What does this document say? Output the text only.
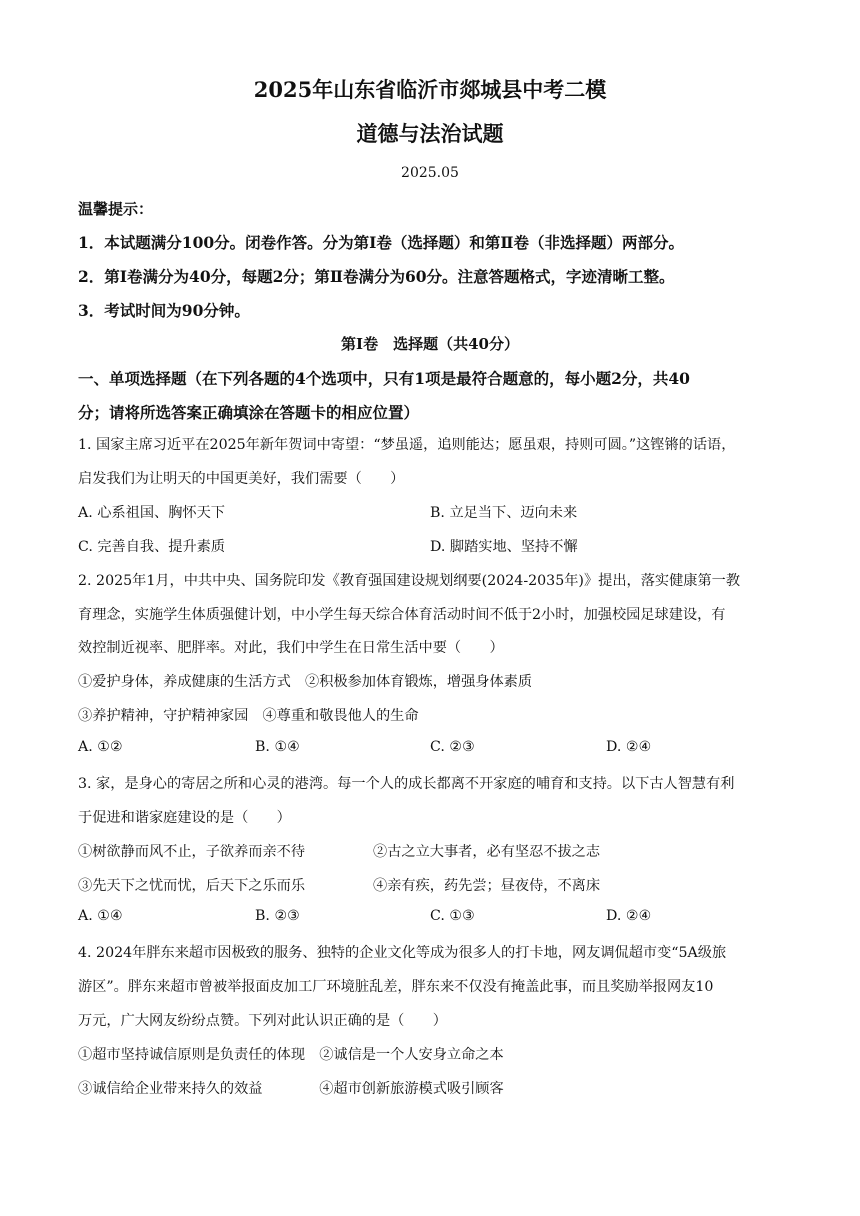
2025年山东省临沂市郯城县中考二模
道德与法治试题
2025.05
温馨提示：
1．本试题满分100分。闭卷作答。分为第Ⅰ卷（选择题）和第Ⅱ卷（非选择题）两部分。
2．第Ⅰ卷满分为40分，每题2分；第Ⅱ卷满分为60分。注意答题格式，字迹清晰工整。
3．考试时间为90分钟。
第Ⅰ卷　选择题（共40分）
一、单项选择题（在下列各题的4个选项中，只有1项是最符合题意的，每小题2分，共40
分；请将所选答案正确填涂在答题卡的相应位置）
1. 国家主席习近平在2025年新年贺词中寄望：“梦虽遥，追则能达；愿虽艰，持则可圆。”这铿锵的话语，
启发我们为让明天的中国更美好，我们需要（　　）
A. 心系祖国、胸怀天下	B. 立足当下、迈向未来
C. 完善自我、提升素质	D. 脚踏实地、坚持不懈
2. 2025年1月，中共中央、国务院印发《教育强国建设规划纲要(2024-2035年)》提出，落实健康第一教
育理念，实施学生体质强健计划，中小学生每天综合体育活动时间不低于2小时，加强校园足球建设，有
效控制近视率、肥胖率。对此，我们中学生在日常生活中要（　　）
①爱护身体，养成健康的生活方式　②积极参加体育锻炼，增强身体素质
③养护精神，守护精神家园　④尊重和敬畏他人的生命
A. ①②	B. ①④	C. ②③	D. ②④
3. 家，是身心的寄居之所和心灵的港湾。每一个人的成长都离不开家庭的哺育和支持。以下古人智慧有利
于促进和谐家庭建设的是（　　）
①树欲静而风不止，子欲养而亲不待	②古之立大事者，必有坚忍不拔之志
③先天下之忧而忧，后天下之乐而乐	④亲有疾，药先尝；昼夜侍，不离床
A. ①④	B. ②③	C. ①③	D. ②④
4. 2024年胖东来超市因极致的服务、独特的企业文化等成为很多人的打卡地，网友调侃超市变“5A级旅
游区”。胖东来超市曾被举报面皮加工厂环境脏乱差，胖东来不仅没有掩盖此事，而且奖励举报网友10
万元，广大网友纷纷点赞。下列对此认识正确的是（　　）
①超市坚持诚信原则是负责任的体现　②诚信是一个人安身立命之本
③诚信给企业带来持久的效益　　　　④超市创新旅游模式吸引顾客
